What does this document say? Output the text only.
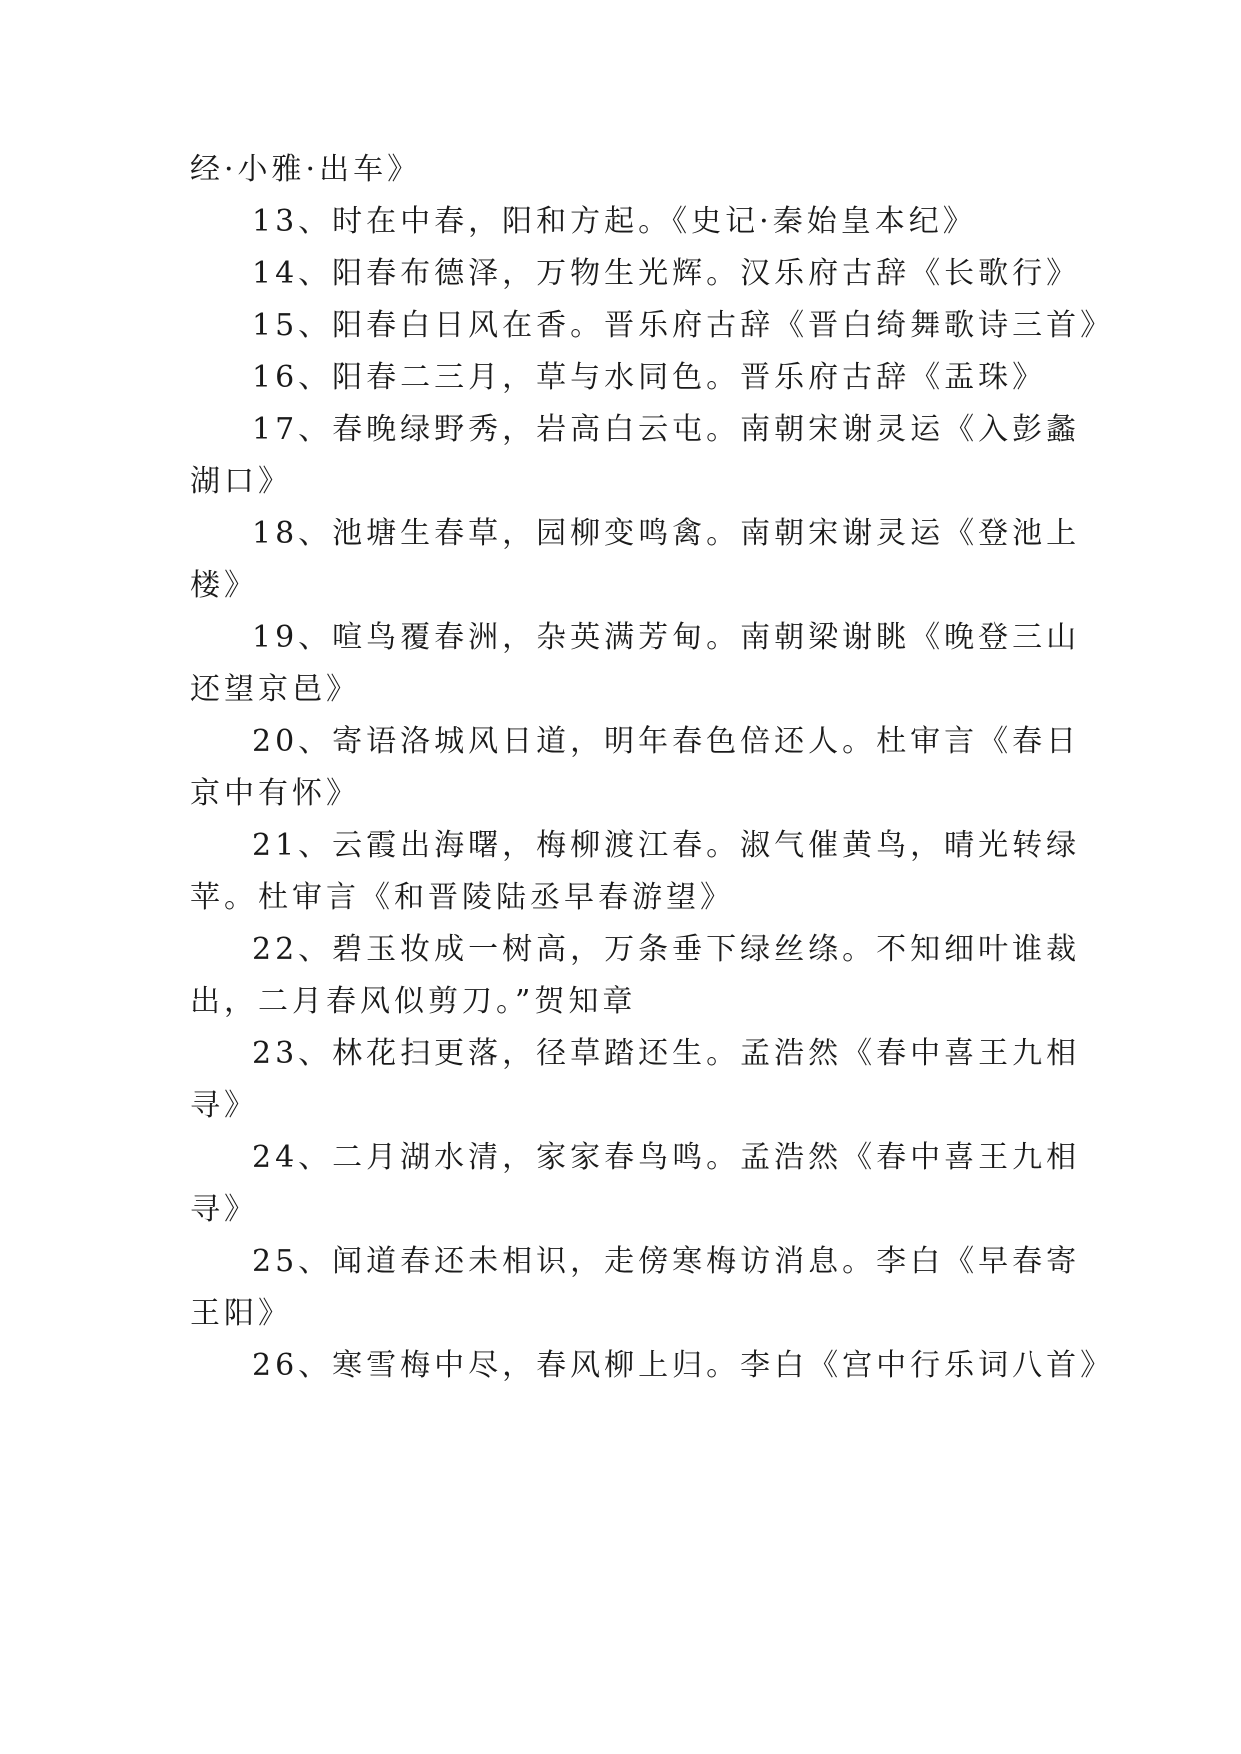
经·小雅·出车》
13、时在中春，阳和方起。《史记·秦始皇本纪》
14、阳春布德泽，万物生光辉。汉乐府古辞《长歌行》
15、阳春白日风在香。晋乐府古辞《晋白绮舞歌诗三首》
16、阳春二三月，草与水同色。晋乐府古辞《盂珠》
17、春晚绿野秀，岩高白云屯。南朝宋谢灵运《入彭蠡
湖口》
18、池塘生春草，园柳变鸣禽。南朝宋谢灵运《登池上
楼》
19、喧鸟覆春洲，杂英满芳甸。南朝梁谢眺《晚登三山
还望京邑》
20、寄语洛城风日道，明年春色倍还人。杜审言《春日
京中有怀》
21、云霞出海曙，梅柳渡江春。淑气催黄鸟，晴光转绿
苹。杜审言《和晋陵陆丞早春游望》
22、碧玉妆成一树高，万条垂下绿丝绦。不知细叶谁裁
出，二月春风似剪刀。”贺知章
23、林花扫更落，径草踏还生。孟浩然《春中喜王九相
寻》
24、二月湖水清，家家春鸟鸣。孟浩然《春中喜王九相
寻》
25、闻道春还未相识，走傍寒梅访消息。李白《早春寄
王阳》
26、寒雪梅中尽，春风柳上归。李白《宫中行乐词八首》
